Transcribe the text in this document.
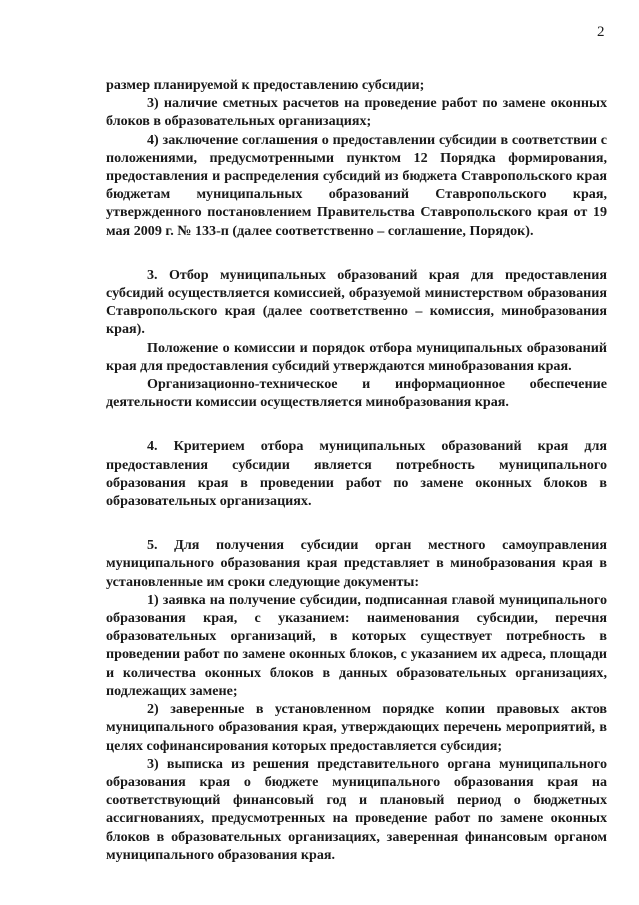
2

размер планируемой к предоставлению субсидии;

3) наличие сметных расчетов на проведение работ по замене оконных блоков в образовательных организациях;

4) заключение соглашения о предоставлении субсидии в соответствии с положениями, предусмотренными пунктом 12 Порядка формирования, предоставления и распределения субсидий из бюджета Ставропольского края бюджетам муниципальных образований Ставропольского края, утвержденного постановлением Правительства Ставропольского края от 19 мая 2009 г. № 133-п (далее соответственно – соглашение, Порядок).

3. Отбор муниципальных образований края для предоставления субсидий осуществляется комиссией, образуемой министерством образования Ставропольского края (далее соответственно – комиссия, минобразования края).

Положение о комиссии и порядок отбора муниципальных образований края для предоставления субсидий утверждаются минобразования края.

Организационно-техническое и информационное обеспечение деятельности комиссии осуществляется минобразования края.

4. Критерием отбора муниципальных образований края для предоставления субсидии является потребность муниципального образования края в проведении работ по замене оконных блоков в образовательных организациях.

5. Для получения субсидии орган местного самоуправления муниципального образования края представляет в минобразования края в установленные им сроки следующие документы:

1) заявка на получение субсидии, подписанная главой муниципального образования края, с указанием: наименования субсидии, перечня образовательных организаций, в которых существует потребность в проведении работ по замене оконных блоков, с указанием их адреса, площади и количества оконных блоков в данных образовательных организациях, подлежащих замене;

2) заверенные в установленном порядке копии правовых актов муниципального образования края, утверждающих перечень мероприятий, в целях софинансирования которых предоставляется субсидия;

3) выписка из решения представительного органа муниципального образования края о бюджете муниципального образования края на соответствующий финансовый год и плановый период о бюджетных ассигнованиях, предусмотренных на проведение работ по замене оконных блоков в образовательных организациях, заверенная финансовым органом муниципального образования края.
